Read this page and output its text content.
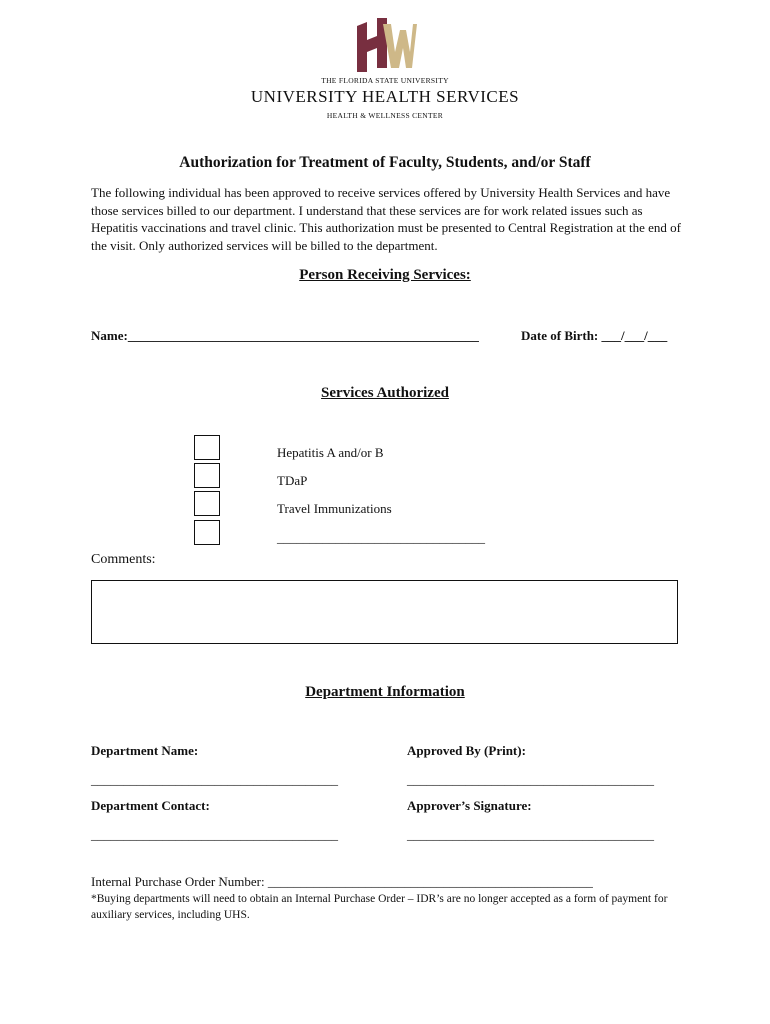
THE FLORIDA STATE UNIVERSITY
UNIVERSITY HEALTH SERVICES
HEALTH & WELLNESS CENTER
Authorization for Treatment of Faculty, Students, and/or Staff
The following individual has been approved to receive services offered by University Health Services and have those services billed to our department. I understand that these services are for work related issues such as Hepatitis vaccinations and travel clinic. This authorization must be presented to Central Registration at the end of the visit. Only authorized services will be billed to the department.
Person Receiving Services:
Name:______________________________________________________	Date of Birth: ___/___/___
Services Authorized
Hepatitis A and/or B
TDaP
Travel Immunizations
________________________________
Comments:
Department Information
Department Name:	Approved By (Print):
______________________________________	______________________________________
Department Contact:	Approver’s Signature:
______________________________________	______________________________________
Internal Purchase Order Number: __________________________________________________
*Buying departments will need to obtain an Internal Purchase Order – IDR’s are no longer accepted as a form of payment for auxiliary services, including UHS.
